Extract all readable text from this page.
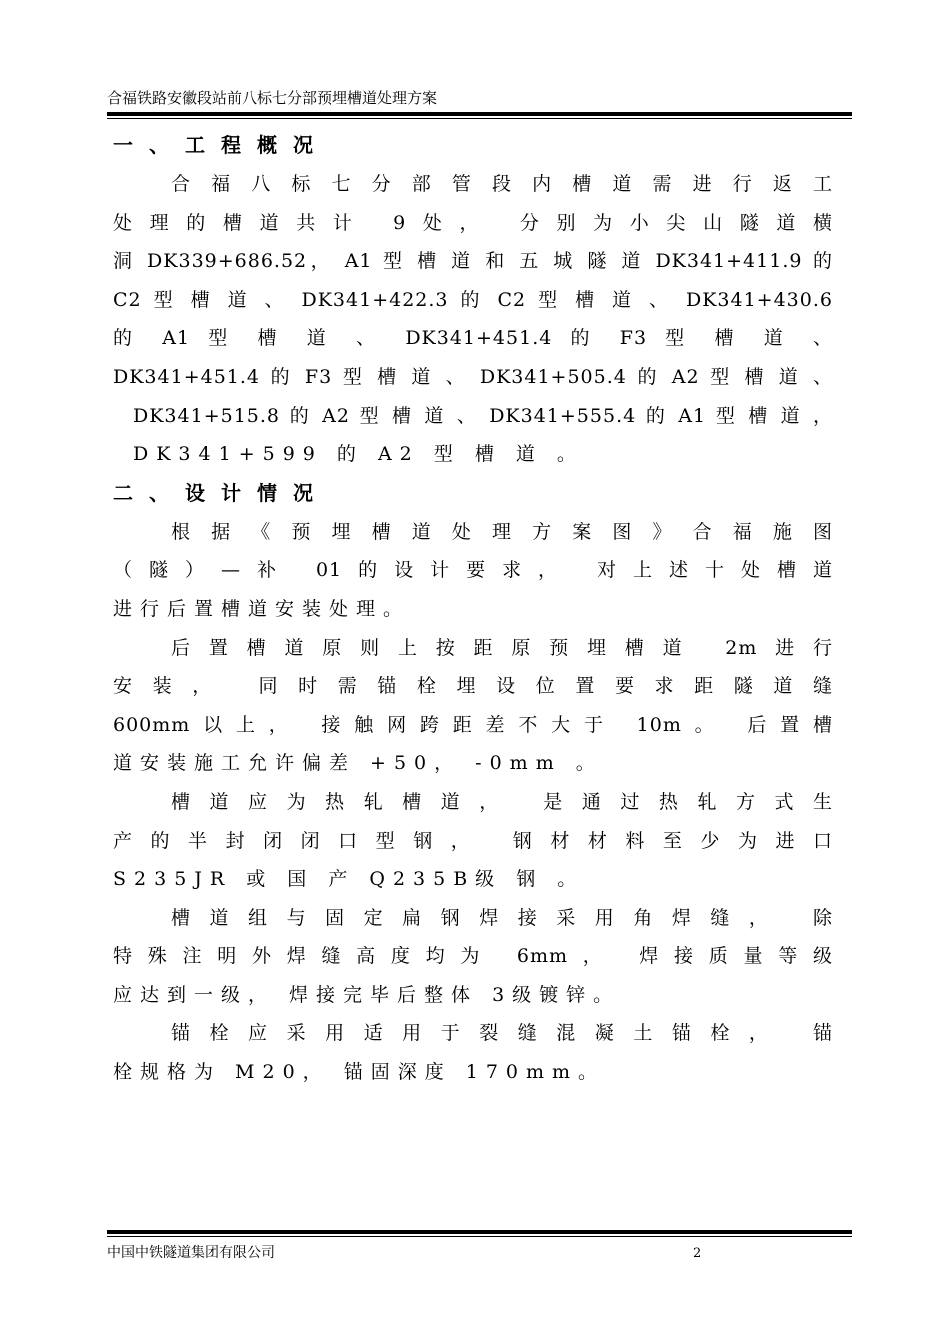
合福铁路安徽段站前八标七分部预埋槽道处理方案
一、工程概况

合福八标七分部管段内槽道需进行返工
处理的槽道共计 9处， 分别为小尖山隧道横
洞 DK339+686.52， A1 型 槽 道 和 五 城 隧 道 DK341+411.9 的
C2 型 槽 道 、 DK341+422.3 的 C2 型 槽 道 、 DK341+430.6
的 A1 型 槽 道 、 DK341+451.4 的 F3 型 槽 道 、
DK341+451.4 的 F3 型 槽 道 、 DK341+505.4 的 A2 型 槽 道 、
DK341+515.8 的 A2 型 槽 道 、 DK341+555.4 的 A1 型 槽 道 ，
DK341+599 的 A2 型 槽 道 。

二、设计情况

根据《预埋槽道处理方案图》合福施图
（隧）—补 01的设计要求， 对上述十处槽道
进行后置槽道安装处理。

后置槽道原则上按距原预埋槽道 2m进行
安装， 同时需锚栓埋设位置要求距隧道缝
600mm以上， 接触网跨距差不大于 10m。 后置槽
道安装施工允许偏差 +50， -0mm 。

槽道应为热轧槽道， 是通过热轧方式生
产的半封闭闭口型钢， 钢材材料至少为进口
S235JR 或 国 产 Q235B级 钢 。

槽道组与固定扁钢焊接采用角焊缝， 除
特殊注明外焊缝高度均为 6mm， 焊接质量等级
应达到一级， 焊接完毕后整体 3级镀锌。

锚栓应采用适用于裂缝混凝土锚栓， 锚
栓规格为 M20， 锚固深度 170mm。

中国中铁隧道集团有限公司	2
